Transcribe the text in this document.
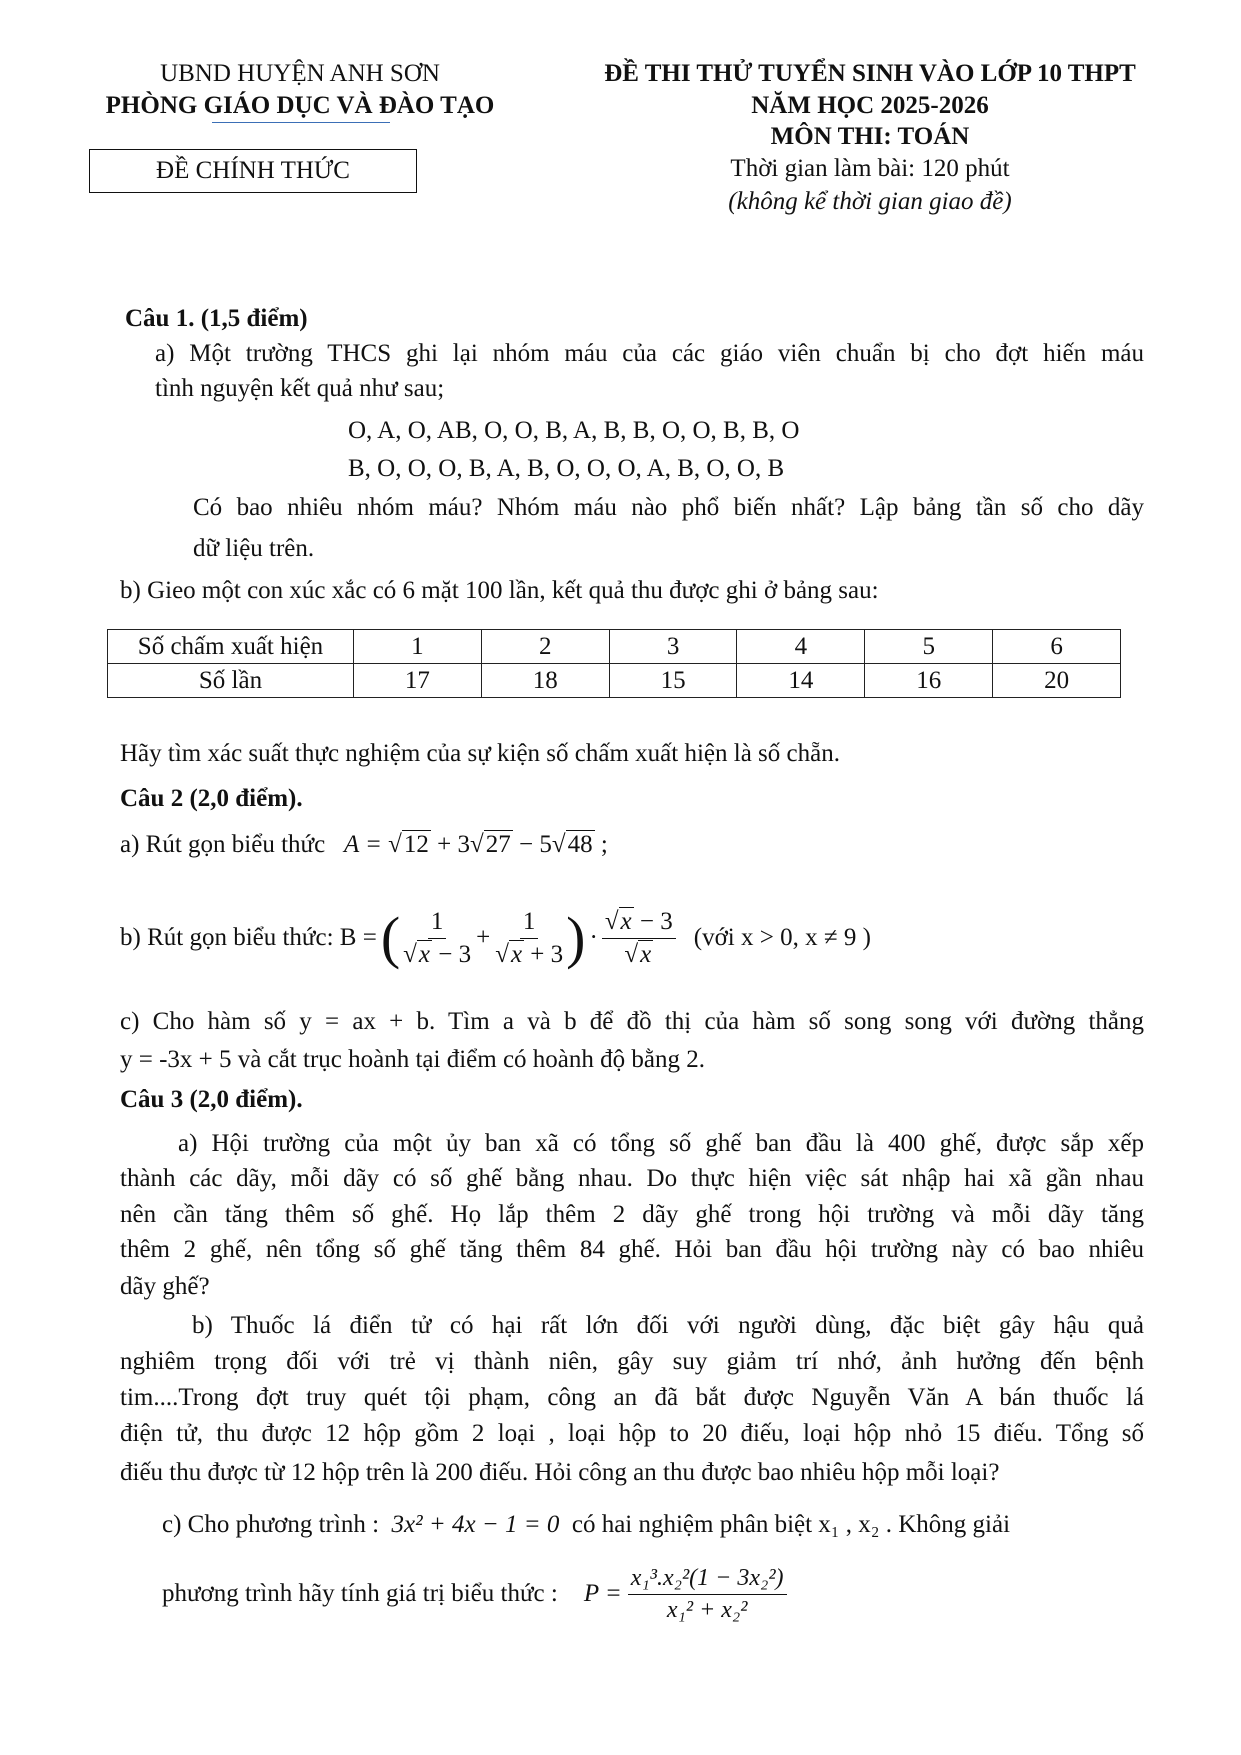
UBND HUYỆN ANH SƠN
PHÒNG GIÁO DỤC VÀ ĐÀO TẠO
ĐỀ CHÍNH THỨC
ĐỀ THI THỬ TUYỂN SINH VÀO LỚP 10 THPT
NĂM HỌC 2025-2026
MÔN THI: TOÁN
Thời gian làm bài: 120 phút
(không kể thời gian giao đề)
Câu 1. (1,5 điểm)
a) Một trường THCS ghi lại nhóm máu của các giáo viên chuẩn bị cho đợt hiến máu
tình nguyện kết quả như sau;
O, A, O, AB, O, O, B, A, B, B, O, O, B, B, O
B, O, O, O, B, A, B, O, O, O, A, B, O, O, B
Có bao nhiêu nhóm máu? Nhóm máu nào phổ biến nhất? Lập bảng tần số cho dãy
dữ liệu trên.
b) Gieo một con xúc xắc có 6 mặt 100 lần, kết quả thu được ghi ở bảng sau:
Số chấm xuất hiện	1	2	3	4	5	6
Số lần	17	18	15	14	16	20
Hãy tìm xác suất thực nghiệm của sự kiện số chấm xuất hiện là số chẵn.
Câu 2 (2,0 điểm).
a) Rút gọn biểu thức A = √12 + 3√27 − 5√48 ;
b) Rút gọn biểu thức: B = ( $\frac{1}{√x - 3} + \frac{1}{√x + 3}$ ) · $\frac{√x - 3}{√x}$ (với x > 0, x ≠ 9 )
c) Cho hàm số y = ax + b. Tìm a và b để đồ thị của hàm số song song với đường thẳng
y = -3x + 5 và cắt trục hoành tại điểm có hoành độ bằng 2.
Câu 3 (2,0 điểm).
a) Hội trường của một ủy ban xã có tổng số ghế ban đầu là 400 ghế, được sắp xếp
thành các dãy, mỗi dãy có số ghế bằng nhau. Do thực hiện việc sát nhập hai xã gần nhau
nên cần tăng thêm số ghế. Họ lắp thêm 2 dãy ghế trong hội trường và mỗi dãy tăng
thêm 2 ghế, nên tổng số ghế tăng thêm 84 ghế. Hỏi ban đầu hội trường này có bao nhiêu
dãy ghế?
b) Thuốc lá điển tử có hại rất lớn đối với người dùng, đặc biệt gây hậu quả
nghiêm trọng đối với trẻ vị thành niên, gây suy giảm trí nhớ, ảnh hưởng đến bệnh
tim....Trong đợt truy quét tội phạm, công an đã bắt được Nguyễn Văn A bán thuốc lá
điện tử, thu được 12 hộp gồm 2 loại , loại hộp to 20 điếu, loại hộp nhỏ 15 điếu. Tổng số
điếu thu được từ 12 hộp trên là 200 điếu. Hỏi công an thu được bao nhiêu hộp mỗi loại?
c) Cho phương trình : 3x² + 4x − 1 = 0 có hai nghiệm phân biệt x₁ , x₂ . Không giải
phương trình hãy tính giá trị biểu thức : $P = \frac{\text{x₁³.x₂²(1 − 3x₂²)}}{\text{x₁² + x₂²}}$
